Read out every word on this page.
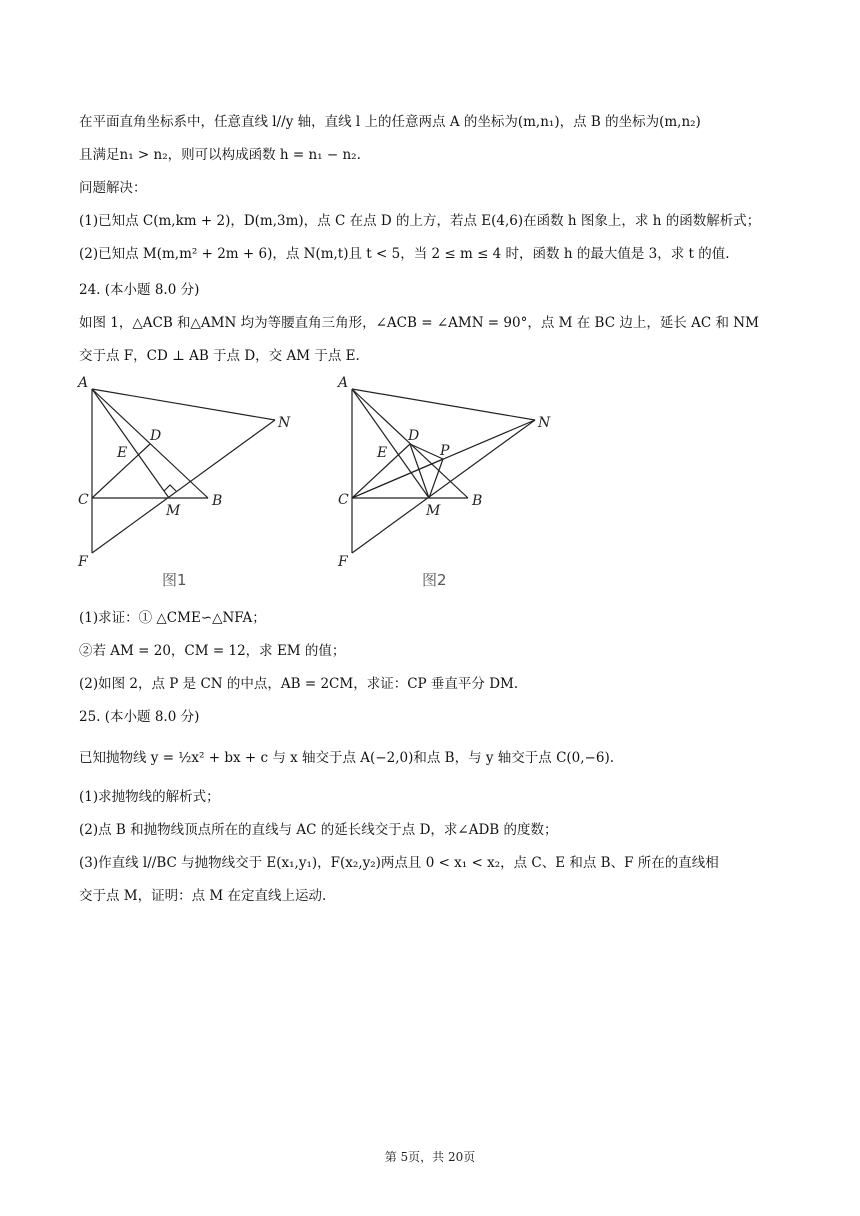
在平面直角坐标系中，任意直线 l//y 轴，直线 l 上的任意两点 A 的坐标为(m,n₁)，点 B 的坐标为(m,n₂)
且满足n₁ > n₂，则可以构成函数 h = n₁ − n₂.
问题解决：
(1)已知点 C(m,km + 2)，D(m,3m)，点 C 在点 D 的上方，若点 E(4,6)在函数 h 图象上，求 h 的函数解析式；
(2)已知点 M(m,m² + 2m + 6)，点 N(m,t)且 t < 5，当 2 ≤ m ≤ 4 时，函数 h 的最大值是 3，求 t 的值.
24. (本小题 8.0 分)
如图 1，△ACB 和△AMN 均为等腰直角三角形，∠ACB = ∠AMN = 90°，点 M 在 BC 边上，延长 AC 和 NM
交于点 F，CD ⊥ AB 于点 D，交 AM 于点 E.
A
D
N
E
C
M
B
F
图1
A
D
P
N
E
C
M
B
F
图2
(1)求证：① △CME∽△NFA；
②若 AM = 20，CM = 12，求 EM 的值；
(2)如图 2，点 P 是 CN 的中点，AB = 2CM，求证：CP 垂直平分 DM.
25. (本小题 8.0 分)
已知抛物线 y = ½x² + bx + c 与 x 轴交于点 A(−2,0)和点 B，与 y 轴交于点 C(0,−6).
(1)求抛物线的解析式；
(2)点 B 和抛物线顶点所在的直线与 AC 的延长线交于点 D，求∠ADB 的度数；
(3)作直线 l//BC 与抛物线交于 E(x₁,y₁)，F(x₂,y₂)两点且 0 < x₁ < x₂，点 C、E 和点 B、F 所在的直线相
交于点 M，证明：点 M 在定直线上运动.
第 5页，共 20页
